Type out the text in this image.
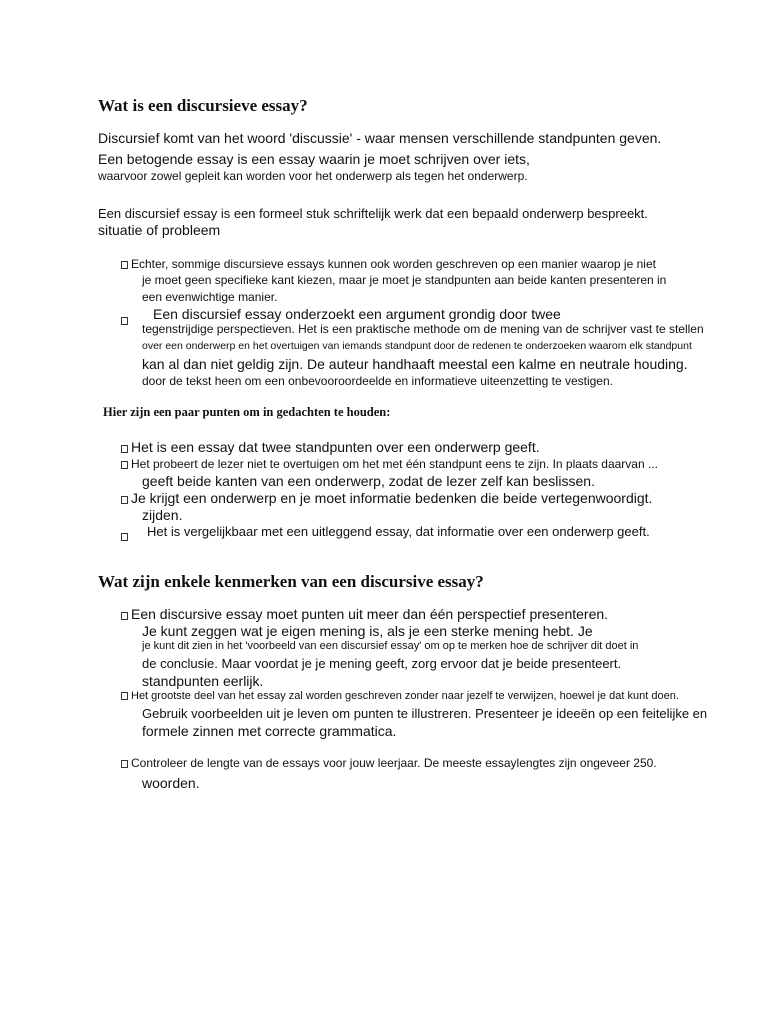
Wat is een discursieve essay?
Discursief komt van het woord 'discussie' - waar mensen verschillende standpunten geven.
Een betogende essay is een essay waarin je moet schrijven over iets,
waarvoor zowel gepleit kan worden voor het onderwerp als tegen het onderwerp.
Een discursief essay is een formeel stuk schriftelijk werk dat een bepaald onderwerp bespreekt.
situatie of probleem
Echter, sommige discursieve essays kunnen ook worden geschreven op een manier waarop je niet
je moet geen specifieke kant kiezen, maar je moet je standpunten aan beide kanten presenteren in
een evenwichtige manier.
Een discursief essay onderzoekt een argument grondig door twee
tegenstrijdige perspectieven. Het is een praktische methode om de mening van de schrijver vast te stellen
over een onderwerp en het overtuigen van iemands standpunt door de redenen te onderzoeken waarom elk standpunt
kan al dan niet geldig zijn. De auteur handhaaft meestal een kalme en neutrale houding.
door de tekst heen om een onbevooroordeelde en informatieve uiteenzetting te vestigen.
Hier zijn een paar punten om in gedachten te houden:
Het is een essay dat twee standpunten over een onderwerp geeft.
Het probeert de lezer niet te overtuigen om het met één standpunt eens te zijn. In plaats daarvan ...
geeft beide kanten van een onderwerp, zodat de lezer zelf kan beslissen.
Je krijgt een onderwerp en je moet informatie bedenken die beide vertegenwoordigt.
zijden.
Het is vergelijkbaar met een uitleggend essay, dat informatie over een onderwerp geeft.
Wat zijn enkele kenmerken van een discursive essay?
Een discursive essay moet punten uit meer dan één perspectief presenteren.
Je kunt zeggen wat je eigen mening is, als je een sterke mening hebt. Je
je kunt dit zien in het 'voorbeeld van een discursief essay' om op te merken hoe de schrijver dit doet in
de conclusie. Maar voordat je je mening geeft, zorg ervoor dat je beide presenteert.
standpunten eerlijk.
Het grootste deel van het essay zal worden geschreven zonder naar jezelf te verwijzen, hoewel je dat kunt doen.
Gebruik voorbeelden uit je leven om punten te illustreren. Presenteer je ideeën op een feitelijke en
formele zinnen met correcte grammatica.
Controleer de lengte van de essays voor jouw leerjaar. De meeste essaylengtes zijn ongeveer 250.
woorden.
